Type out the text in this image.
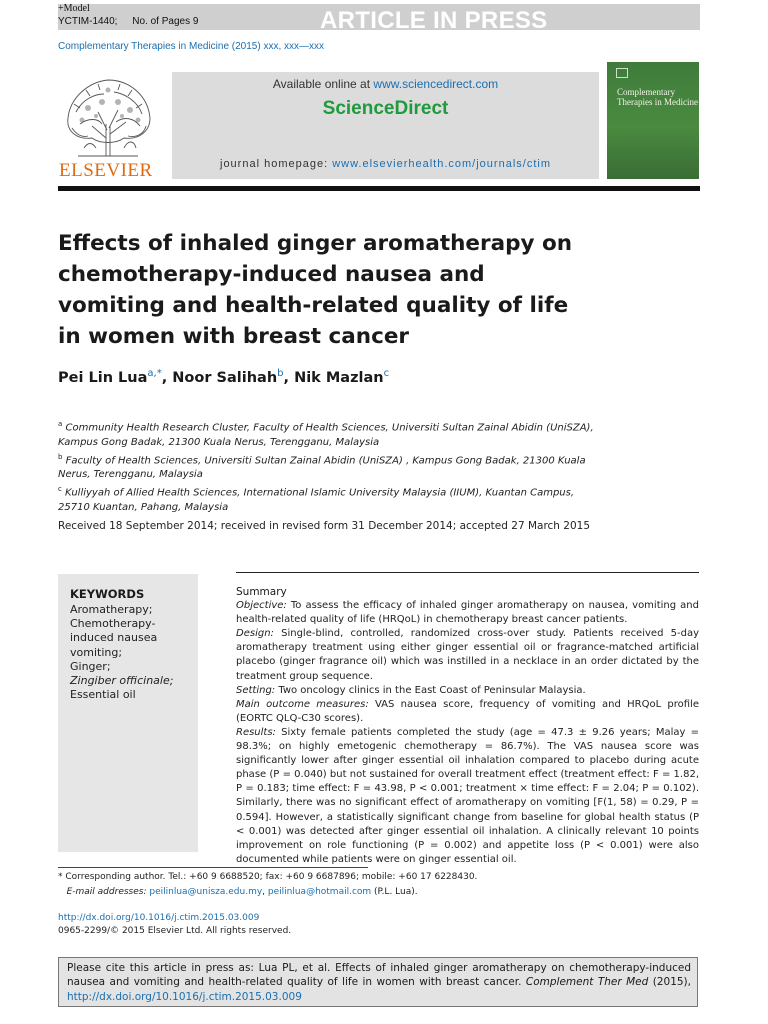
ARTICLE IN PRESS
+Model
YCTIM-1440; No. of Pages 9
Complementary Therapies in Medicine (2015) xxx, xxx—xxx
ELSEVIER
Available online at www.sciencedirect.com
ScienceDirect
journal homepage: www.elsevierhealth.com/journals/ctim
Complementary Therapies in Medicine
Effects of inhaled ginger aromatherapy on chemotherapy-induced nausea and vomiting and health-related quality of life in women with breast cancer
Pei Lin Lua$^{a,*}$, Noor Salihah$^b$, Nik Mazlan$^c$
$^a$ Community Health Research Cluster, Faculty of Health Sciences, Universiti Sultan Zainal Abidin (UniSZA), Kampus Gong Badak, 21300 Kuala Nerus, Terengganu, Malaysia
$^b$ Faculty of Health Sciences, Universiti Sultan Zainal Abidin (UniSZA) , Kampus Gong Badak, 21300 Kuala Nerus, Terengganu, Malaysia
$^c$ Kulliyyah of Allied Health Sciences, International Islamic University Malaysia (IIUM), Kuantan Campus, 25710 Kuantan, Pahang, Malaysia
Received 18 September 2014; received in revised form 31 December 2014; accepted 27 March 2015
KEYWORDS
Aromatherapy;
Chemotherapy-induced nausea vomiting;
Ginger;
Zingiber officinale;
Essential oil

Summary

Objective: To assess the efficacy of inhaled ginger aromatherapy on nausea, vomiting and health-related quality of life (HRQoL) in chemotherapy breast cancer patients.

Design: Single-blind, controlled, randomized cross-over study. Patients received 5-day aromatherapy treatment using either ginger essential oil or fragrance-matched artificial placebo (ginger fragrance oil) which was instilled in a necklace in an order dictated by the treatment group sequence.

Setting: Two oncology clinics in the East Coast of Peninsular Malaysia.

Main outcome measures: VAS nausea score, frequency of vomiting and HRQoL profile (EORTC QLQ-C30 scores).

Results: Sixty female patients completed the study (age = 47.3 ± 9.26 years; Malay = 98.3%; on highly emetogenic chemotherapy = 86.7%). The VAS nausea score was significantly lower after ginger essential oil inhalation compared to placebo during acute phase (P = 0.040) but not sustained for overall treatment effect (treatment effect: F = 1.82, P = 0.183; time effect: F = 43.98, P < 0.001; treatment × time effect: F = 2.04; P = 0.102). Similarly, there was no significant effect of aromatherapy on vomiting [F(1, 58) = 0.29, P = 0.594]. However, a statistically significant change from baseline for global health status (P < 0.001) was detected after ginger essential oil inhalation. A clinically relevant 10 points improvement on role functioning (P = 0.002) and appetite loss (P < 0.001) were also documented while patients were on ginger essential oil.

* Corresponding author. Tel.: +60 9 6688520; fax: +60 9 6687896; mobile: +60 17 6228430.
E-mail addresses: peilinlua@unisza.edu.my, peilinlua@hotmail.com (P.L. Lua).
http://dx.doi.org/10.1016/j.ctim.2015.03.009
0965-2299/© 2015 Elsevier Ltd. All rights reserved.
Please cite this article in press as: Lua PL, et al. Effects of inhaled ginger aromatherapy on chemotherapy-induced nausea and vomiting and health-related quality of life in women with breast cancer. Complement Ther Med (2015), http://dx.doi.org/10.1016/j.ctim.2015.03.009
